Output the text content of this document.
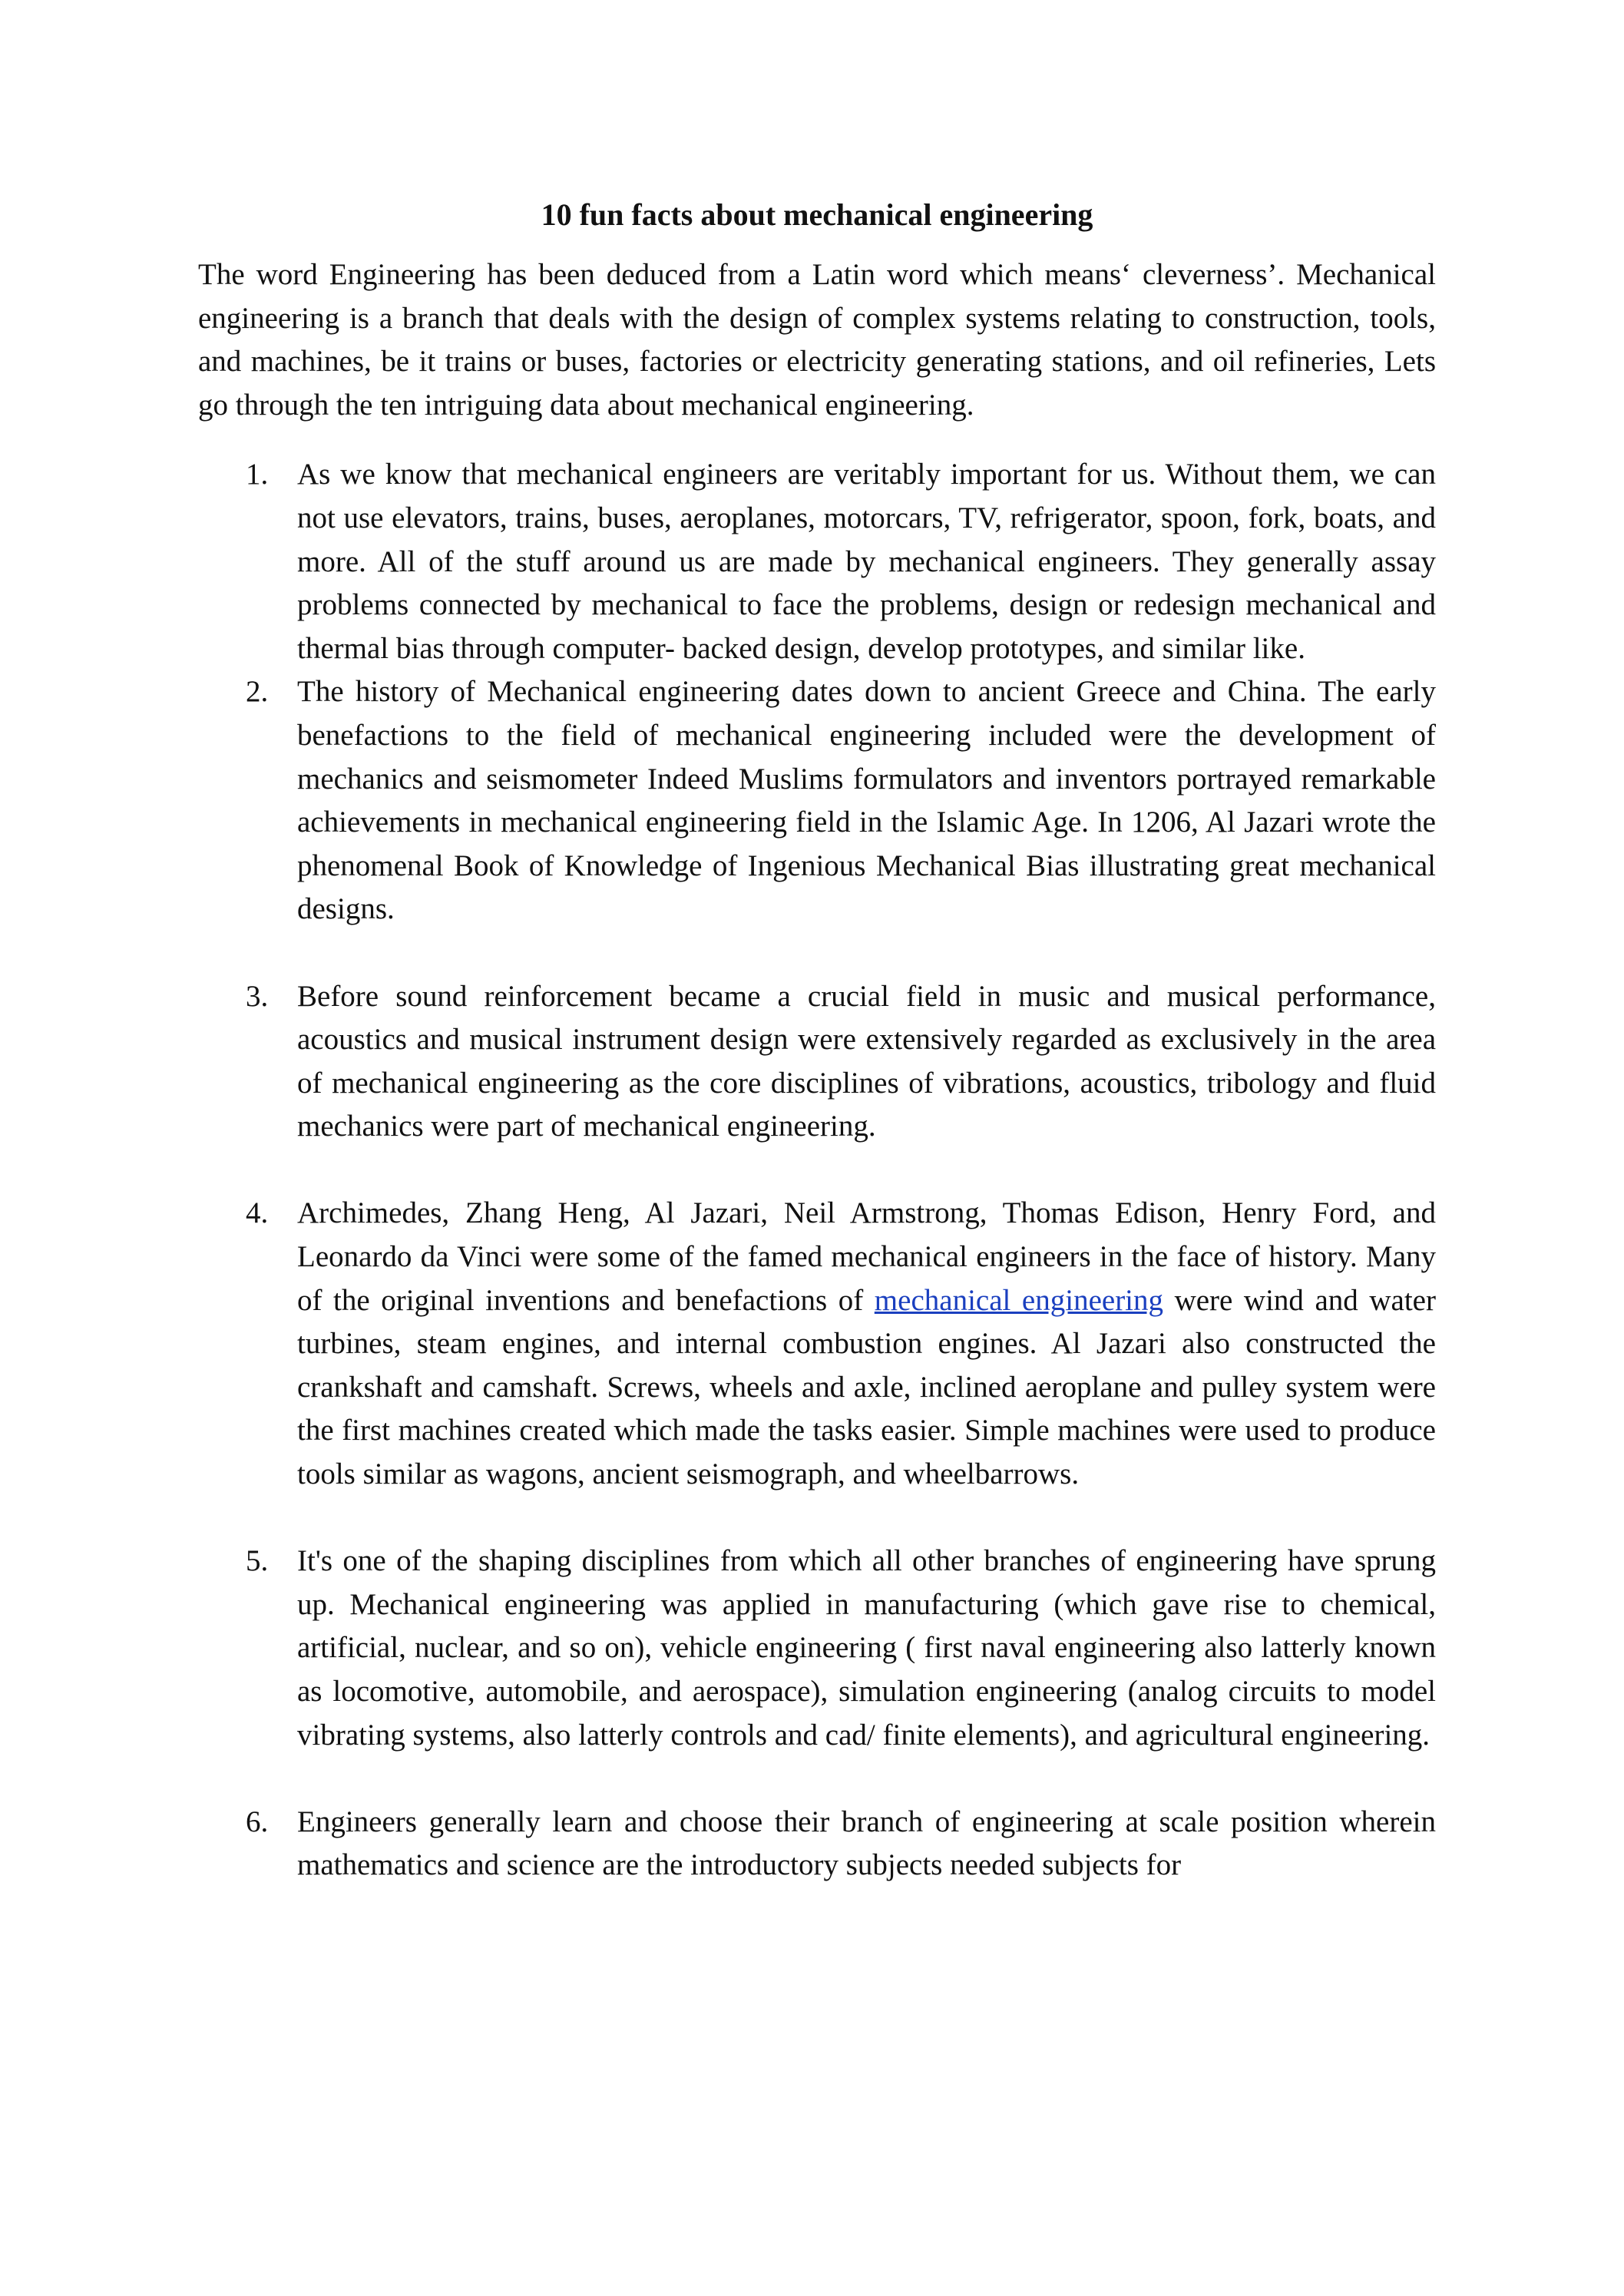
10 fun facts about mechanical engineering

The word Engineering has been deduced from a Latin word which means‘ cleverness’. Mechanical engineering is a branch that deals with the design of complex systems relating to construction, tools, and machines, be it trains or buses, factories or electricity generating stations, and oil refineries, Lets go through the ten intriguing data about mechanical engineering.

1. As we know that mechanical engineers are veritably important for us. Without them, we can not use elevators, trains, buses, aeroplanes, motorcars, TV, refrigerator, spoon, fork, boats, and more. All of the stuff around us are made by mechanical engineers. They generally assay problems connected by mechanical to face the problems, design or redesign mechanical and thermal bias through computer- backed design, develop prototypes, and similar like.
2. The history of Mechanical engineering dates down to ancient Greece and China. The early benefactions to the field of mechanical engineering included were the development of mechanics and seismometer Indeed Muslims formulators and inventors portrayed remarkable achievements in mechanical engineering field in the Islamic Age. In 1206, Al Jazari wrote the phenomenal Book of Knowledge of Ingenious Mechanical Bias illustrating great mechanical designs.
3. Before sound reinforcement became a crucial field in music and musical performance, acoustics and musical instrument design were extensively regarded as exclusively in the area of mechanical engineering as the core disciplines of vibrations, acoustics, tribology and fluid mechanics were part of mechanical engineering.
4. Archimedes, Zhang Heng, Al Jazari, Neil Armstrong, Thomas Edison, Henry Ford, and Leonardo da Vinci were some of the famed mechanical engineers in the face of history. Many of the original inventions and benefactions of mechanical engineering were wind and water turbines, steam engines, and internal combustion engines. Al Jazari also constructed the crankshaft and camshaft. Screws, wheels and axle, inclined aeroplane and pulley system were the first machines created which made the tasks easier. Simple machines were used to produce tools similar as wagons, ancient seismograph, and wheelbarrows.
5. It's one of the shaping disciplines from which all other branches of engineering have sprung up. Mechanical engineering was applied in manufacturing (which gave rise to chemical, artificial, nuclear, and so on), vehicle engineering ( first naval engineering also latterly known as locomotive, automobile, and aerospace), simulation engineering (analog circuits to model vibrating systems, also latterly controls and cad/ finite elements), and agricultural engineering.
6. Engineers generally learn and choose their branch of engineering at scale position wherein mathematics and science are the introductory subjects needed subjects for
